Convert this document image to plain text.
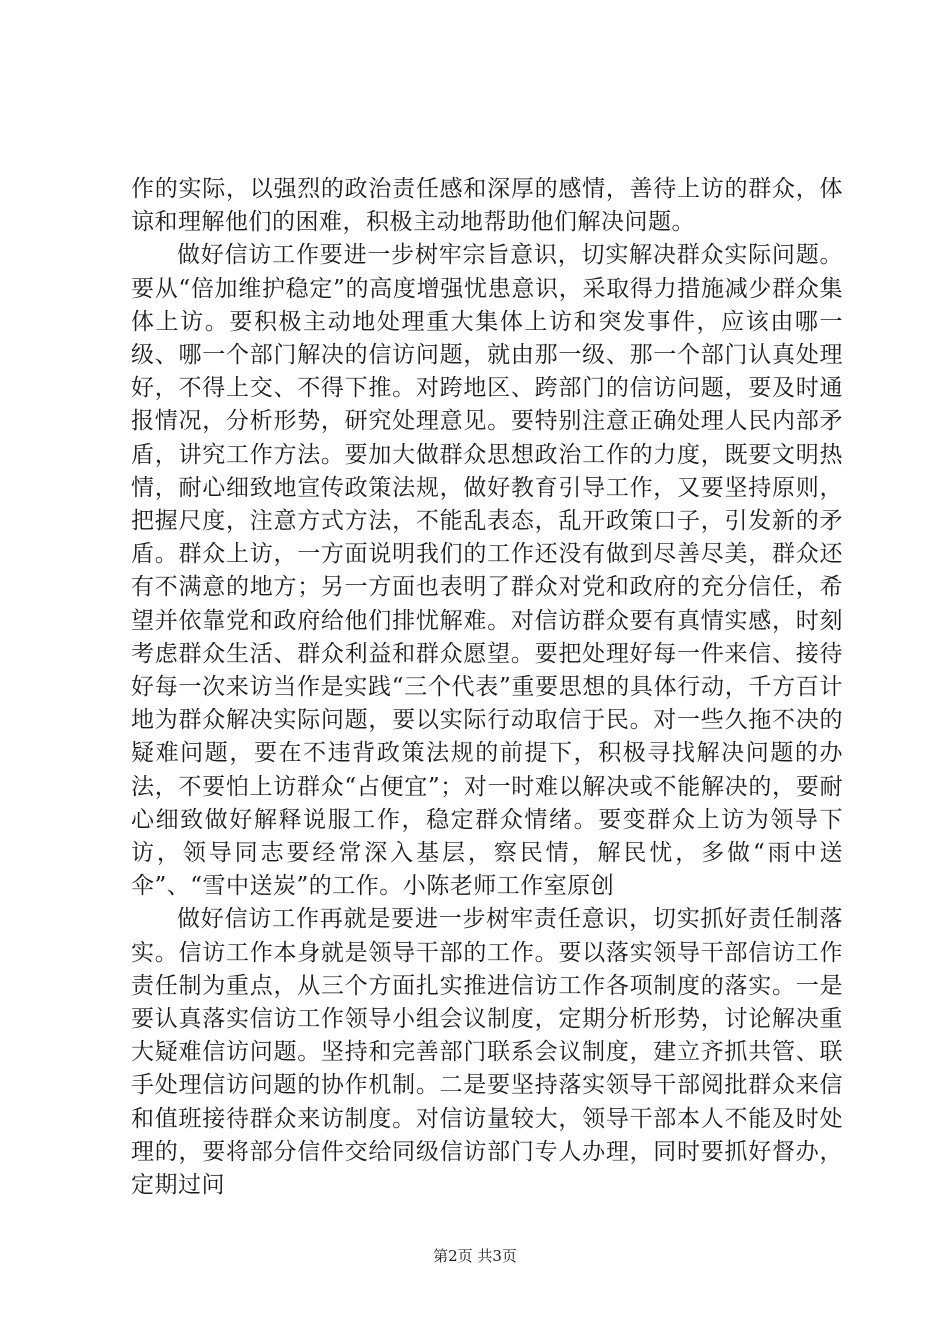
作的实际，以强烈的政治责任感和深厚的感情，善待上访的群众，体谅和理解他们的困难，积极主动地帮助他们解决问题。

做好信访工作要进一步树牢宗旨意识，切实解决群众实际问题。要从“倍加维护稳定”的高度增强忧患意识，采取得力措施减少群众集体上访。要积极主动地处理重大集体上访和突发事件，应该由哪一级、哪一个部门解决的信访问题，就由那一级、那一个部门认真处理好，不得上交、不得下推。对跨地区、跨部门的信访问题，要及时通报情况，分析形势，研究处理意见。要特别注意正确处理人民内部矛盾，讲究工作方法。要加大做群众思想政治工作的力度，既要文明热情，耐心细致地宣传政策法规，做好教育引导工作，又要坚持原则，把握尺度，注意方式方法，不能乱表态，乱开政策口子，引发新的矛盾。群众上访，一方面说明我们的工作还没有做到尽善尽美，群众还有不满意的地方；另一方面也表明了群众对党和政府的充分信任，希望并依靠党和政府给他们排忧解难。对信访群众要有真情实感，时刻考虑群众生活、群众利益和群众愿望。要把处理好每一件来信、接待好每一次来访当作是实践“三个代表”重要思想的具体行动，千方百计地为群众解决实际问题，要以实际行动取信于民。对一些久拖不决的疑难问题，要在不违背政策法规的前提下，积极寻找解决问题的办法，不要怕上访群众“占便宜”；对一时难以解决或不能解决的，要耐心细致做好解释说服工作，稳定群众情绪。要变群众上访为领导下访，领导同志要经常深入基层，察民情，解民忧，多做“雨中送伞”、“雪中送炭”的工作。小陈老师工作室原创

做好信访工作再就是要进一步树牢责任意识，切实抓好责任制落实。信访工作本身就是领导干部的工作。要以落实领导干部信访工作责任制为重点，从三个方面扎实推进信访工作各项制度的落实。一是要认真落实信访工作领导小组会议制度，定期分析形势，讨论解决重大疑难信访问题。坚持和完善部门联系会议制度，建立齐抓共管、联手处理信访问题的协作机制。二是要坚持落实领导干部阅批群众来信和值班接待群众来访制度。对信访量较大，领导干部本人不能及时处理的，要将部分信件交给同级信访部门专人办理，同时要抓好督办，定期过问

第2页 共3页
